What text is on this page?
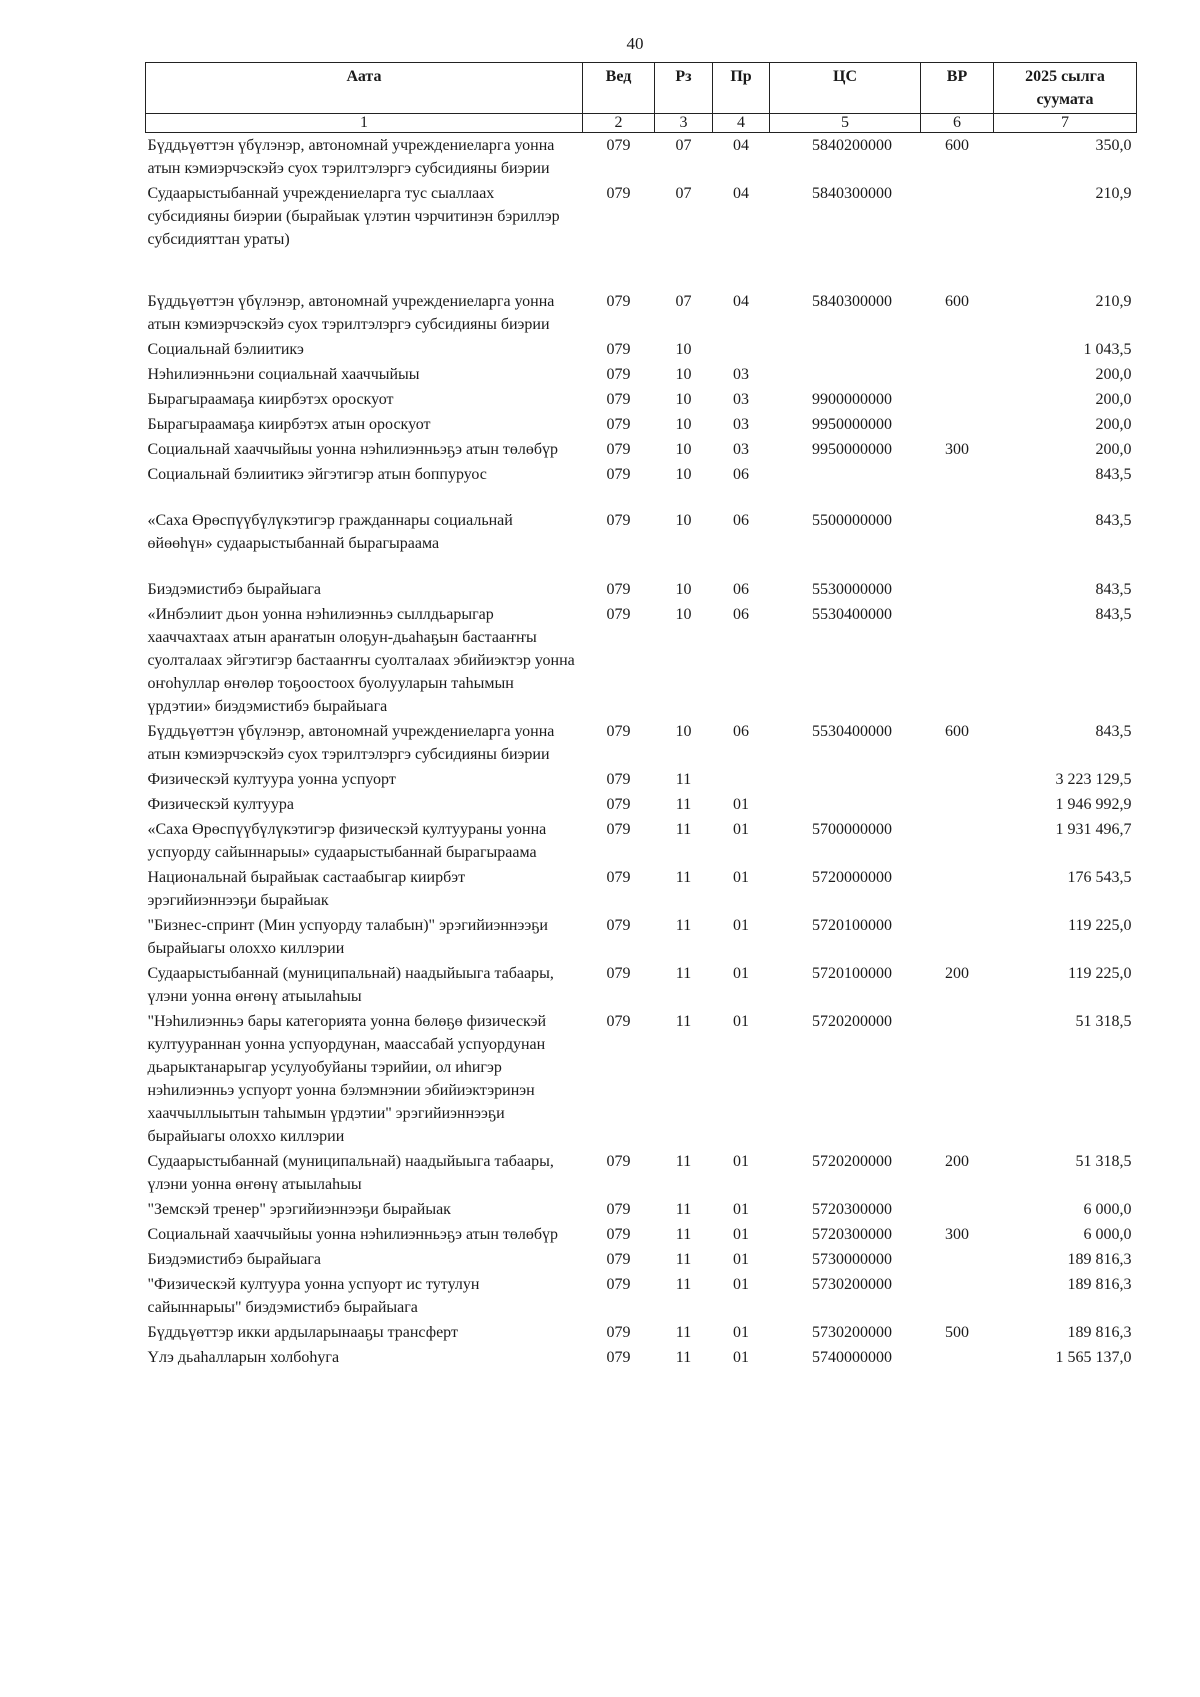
40
Аата	Вед	Рз	Пр	ЦС	ВР	2025 сылга суумата
1	2	3	4	5	6	7
Бүддьүөттэн үбүлэнэр, автономнай учреждениеларга уонна атын кэмиэрчэскэйэ суох тэрилтэлэргэ субсидияны биэрии	079	07	04	5840200000	600	350,0
Судаарыстыбаннай учреждениеларга тус сыаллаах субсидияны биэрии (бырайыак үлэтин чэрчитинэн бэриллэр субсидияттан ураты)	079	07	04	5840300000		210,9
Бүддьүөттэн үбүлэнэр, автономнай учреждениеларга уонна атын кэмиэрчэскэйэ суох тэрилтэлэргэ субсидияны биэрии	079	07	04	5840300000	600	210,9
Социальнай бэлиитикэ	079	10				1 043,5
Нэһилиэнньэни социальнай хааччыйыы	079	10	03			200,0
Бырагыраамаҕа киирбэтэх ороскуот	079	10	03	9900000000		200,0
Бырагыраамаҕа киирбэтэх атын ороскуот	079	10	03	9950000000		200,0
Социальнай хааччыйыы уонна нэһилиэнньэҕэ атын төлөбүр	079	10	03	9950000000	300	200,0
Социальнай бэлиитикэ эйгэтигэр атын боппуруос	079	10	06			843,5
«Саха Өрөспүүбүлүкэтигэр гражданнары социальнай өйөөһүн» судаарыстыбаннай бырагыраама	079	10	06	5500000000		843,5
Биэдэмистибэ бырайыага	079	10	06	5530000000		843,5
«Инбэлиит дьон уонна нэһилиэнньэ сыллдьарыгар хааччахтаах атын араҥатын олоҕун-дьаһаҕын бастааҥҥы суолталаах эйгэтигэр бастааҥҥы суолталаах эбийиэктэр уонна оҥоһуллар өҥөлөр тоҕоостоох буолууларын таһымын үрдэтии» биэдэмистибэ бырайыага	079	10	06	5530400000		843,5
Бүддьүөттэн үбүлэнэр, автономнай учреждениеларга уонна атын кэмиэрчэскэйэ суох тэрилтэлэргэ субсидияны биэрии	079	10	06	5530400000	600	843,5
Физическэй култуура уонна успуорт	079	11				3 223 129,5
Физическэй култуура	079	11	01			1 946 992,9
«Саха Өрөспүүбүлүкэтигэр физическэй култуураны уонна успуорду сайыннарыы» судаарыстыбаннай бырагыраама	079	11	01	5700000000		1 931 496,7
Национальнай бырайыак састаабыгар киирбэт эрэгийиэннээҕи бырайыак	079	11	01	5720000000		176 543,5
"Бизнес-спринт (Мин успуорду талабын)" эрэгийиэннээҕи бырайыагы олоххо киллэрии	079	11	01	5720100000		119 225,0
Судаарыстыбаннай (муниципальнай) наадыйыыга табаары, үлэни уонна өҥөнү атыылаһыы	079	11	01	5720100000	200	119 225,0
"Нэһилиэнньэ бары категорията уонна бөлөҕө физическэй култуураннан уонна успуордунан, маассабай успуордунан дьарыктанарыгар усулуобуйаны тэрийии, ол иһигэр нэһилиэнньэ успуорт уонна бэлэмнэнии эбийиэктэринэн хааччыллыытын таһымын үрдэтии" эрэгийиэннээҕи бырайыагы олоххо киллэрии	079	11	01	5720200000		51 318,5
Судаарыстыбаннай (муниципальнай) наадыйыыга табаары, үлэни уонна өҥөнү атыылаһыы	079	11	01	5720200000	200	51 318,5
"Земскэй тренер" эрэгийиэннээҕи бырайыак	079	11	01	5720300000		6 000,0
Социальнай хааччыйыы уонна нэһилиэнньэҕэ атын төлөбүр	079	11	01	5720300000	300	6 000,0
Биэдэмистибэ бырайыага	079	11	01	5730000000		189 816,3
"Физическэй култуура уонна успуорт ис тутулун сайыннарыы" биэдэмистибэ бырайыага	079	11	01	5730200000		189 816,3
Бүддьүөттэр икки ардыларынааҕы трансферт	079	11	01	5730200000	500	189 816,3
Үлэ дьаһалларын холбоһуга	079	11	01	5740000000		1 565 137,0
